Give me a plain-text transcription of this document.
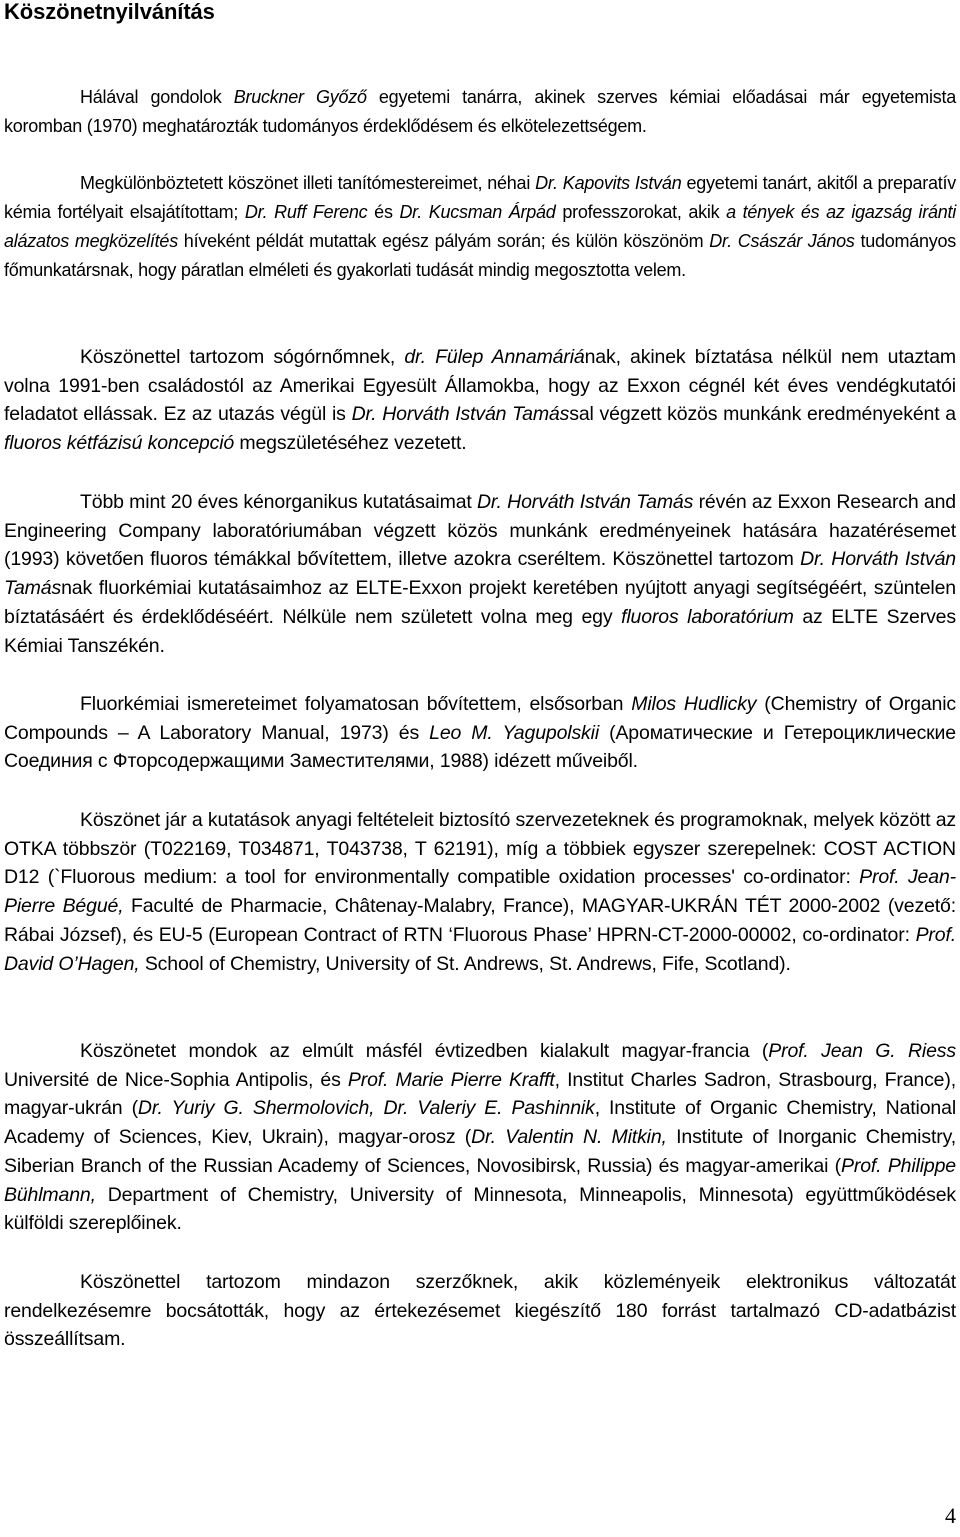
Köszönetnyilvánítás

Hálával gondolok Bruckner Győző egyetemi tanárra, akinek szerves kémiai előadásai már egyetemista koromban (1970) meghatározták tudományos érdeklődésem és elkötelezettségem.

Megkülönböztetett köszönet illeti tanítómestereimet, néhai Dr. Kapovits István egyetemi tanárt, akitől a preparatív kémia fortélyait elsajátítottam; Dr. Ruff Ferenc és Dr. Kucsman Árpád professzorokat, akik a tények és az igazság iránti alázatos megközelítés híveként példát mutattak egész pályám során; és külön köszönöm Dr. Császár János tudományos főmunkatársnak, hogy páratlan elméleti és gyakorlati tudását mindig megosztotta velem.

Köszönettel tartozom sógórnőmnek, dr. Fülep Annamáriának, akinek bíztatása nélkül nem utaztam volna 1991-ben családostól az Amerikai Egyesült Államokba, hogy az Exxon cégnél két éves vendégkutatói feladatot ellássak. Ez az utazás végül is Dr. Horváth István Tamással végzett közös munkánk eredményeként a fluoros kétfázisú koncepció megszületéséhez vezetett.

Több mint 20 éves kénorganikus kutatásaimat Dr. Horváth István Tamás révén az Exxon Research and Engineering Company laboratóriumában végzett közös munkánk eredményeinek hatására hazatérésemet (1993) követően fluoros témákkal bővítettem, illetve azokra cseréltem. Köszönettel tartozom Dr. Horváth István Tamásnak fluorkémiai kutatásaimhoz az ELTE-Exxon projekt keretében nyújtott anyagi segítségéért, szüntelen bíztatásáért és érdeklődéséért. Nélküle nem született volna meg egy fluoros laboratórium az ELTE Szerves Kémiai Tanszékén.

Fluorkémiai ismereteimet folyamatosan bővítettem, elsősorban Milos Hudlicky (Chemistry of Organic Compounds – A Laboratory Manual, 1973) és Leo M. Yagupolskii (Ароматические и Гетероциклические Соединия с Фторсодержащими Заместителями, 1988) idézett műveiből.

Köszönet jár a kutatások anyagi feltételeit biztosító szervezeteknek és programoknak, melyek között az OTKA többször (T022169, T034871, T043738, T 62191), míg a többiek egyszer szerepelnek: COST ACTION D12 (`Fluorous medium: a tool for environmentally compatible oxidation processes' co-ordinator: Prof. Jean-Pierre Bégué, Faculté de Pharmacie, Châtenay-Malabry, France), MAGYAR-UKRÁN TÉT 2000-2002 (vezető: Rábai József), és EU-5 (European Contract of RTN ‘Fluorous Phase’ HPRN-CT-2000-00002, co-ordinator: Prof. David O’Hagen, School of Chemistry, University of St. Andrews, St. Andrews, Fife, Scotland).

Köszönetet mondok az elmúlt másfél évtizedben kialakult magyar-francia (Prof. Jean G. Riess Université de Nice-Sophia Antipolis, és Prof. Marie Pierre Krafft, Institut Charles Sadron, Strasbourg, France), magyar-ukrán (Dr. Yuriy G. Shermolovich, Dr. Valeriy E. Pashinnik, Institute of Organic Chemistry, National Academy of Sciences, Kiev, Ukrain), magyar-orosz (Dr. Valentin N. Mitkin, Institute of Inorganic Chemistry, Siberian Branch of the Russian Academy of Sciences, Novosibirsk, Russia) és magyar-amerikai (Prof. Philippe Bühlmann, Department of Chemistry, University of Minnesota, Minneapolis, Minnesota) együttműködések külföldi szereplőinek.

Köszönettel tartozom mindazon szerzőknek, akik közleményeik elektronikus változatát rendelkezésemre bocsátották, hogy az értekezésemet kiegészítő 180 forrást tartalmazó CD-adatbázist összeállítsam.

4
